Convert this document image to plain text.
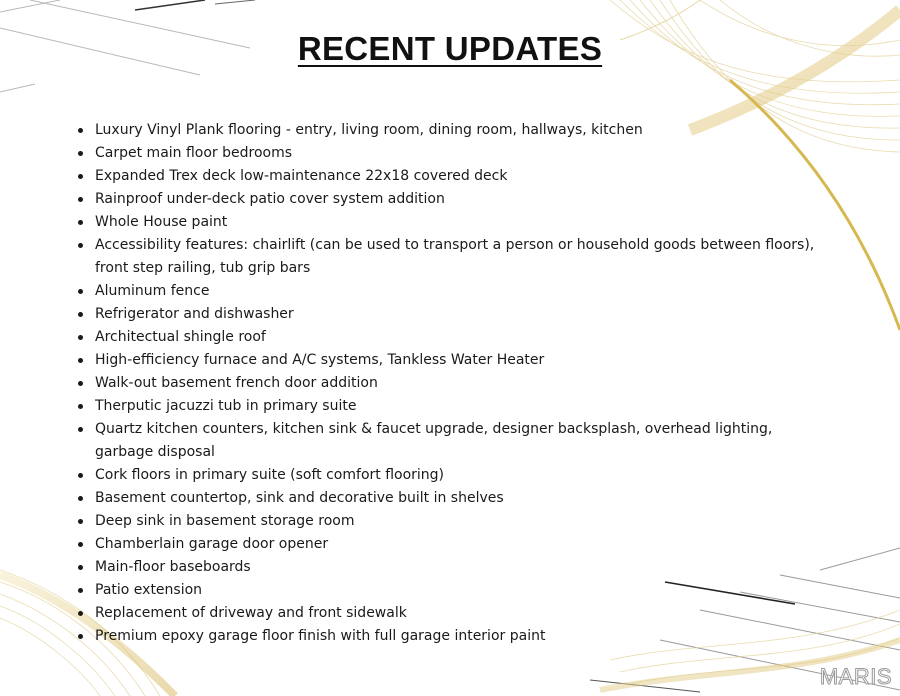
RECENT UPDATES
Luxury Vinyl Plank flooring - entry, living room, dining room, hallways, kitchen
Carpet main floor bedrooms
Expanded Trex deck low-maintenance 22x18 covered deck
Rainproof under-deck patio cover system addition
Whole House paint
Accessibility features: chairlift (can be used to transport a person or household goods between floors), front step railing, tub grip bars
Aluminum fence
Refrigerator and dishwasher
Architectual shingle roof
High-efficiency furnace and A/C systems, Tankless Water Heater
Walk-out basement french door addition
Therputic jacuzzi tub in primary suite
Quartz kitchen counters, kitchen sink & faucet upgrade, designer backsplash, overhead lighting, garbage disposal
Cork floors in primary suite (soft comfort flooring)
Basement countertop, sink and decorative built in shelves
Deep sink in basement storage room
Chamberlain garage door opener
Main-floor baseboards
Patio extension
Replacement of driveway and front sidewalk
Premium epoxy garage floor finish with full garage interior paint
MARIS
